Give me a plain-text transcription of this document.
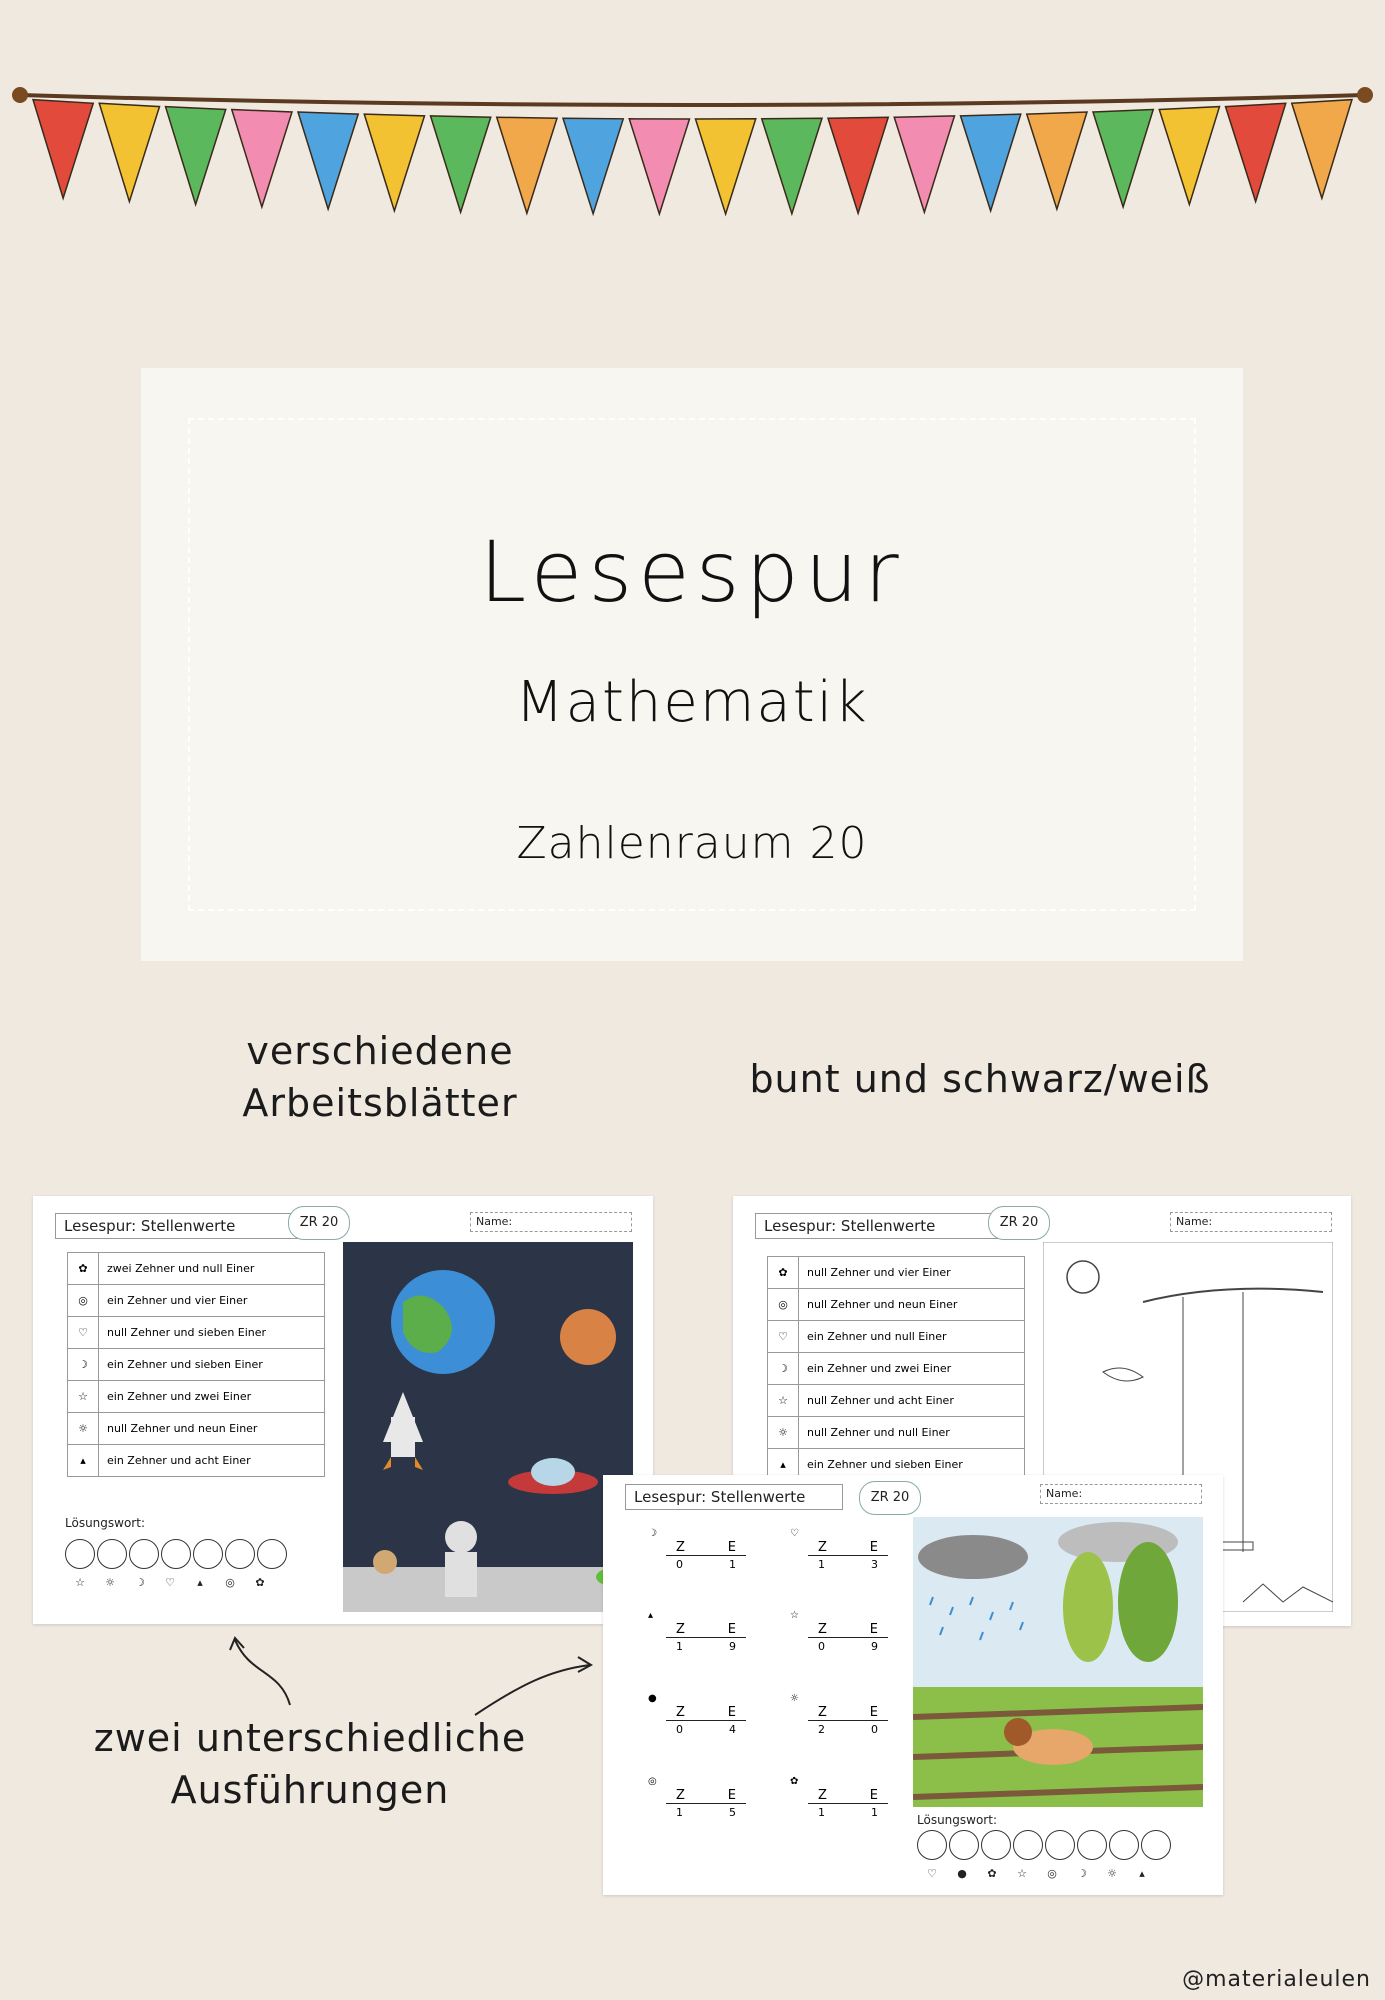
Lesespur
Mathematik
Zahlenraum 20
verschiedene
Arbeitsblätter
bunt und schwarz/weiß
zwei unterschiedliche
Ausführungen
Lesespur: Stellenwerte	ZR 20	Name:
✿	zwei Zehner und null Einer
◎	ein Zehner und vier Einer
♡	null Zehner und sieben Einer
☽	ein Zehner und sieben Einer
☆	ein Zehner und zwei Einer
☼	null Zehner und neun Einer
▴	ein Zehner und acht Einer
Lösungswort:
☆	☼	☽	♡	▴	◎	✿
Lesespur: Stellenwerte	ZR 20	Name:
✿	null Zehner und vier Einer
◎	null Zehner und neun Einer
♡	ein Zehner und null Einer
☽	ein Zehner und zwei Einer
☆	null Zehner und acht Einer
☼	null Zehner und null Einer
▴	ein Zehner und sieben Einer
Lesespur: Stellenwerte	ZR 20	Name:
☽
Z	E
0	1
♡
Z	E
1	3
▴
Z	E
1	9
☆
Z	E
0	9
●
Z	E
0	4
☼
Z	E
2	0
◎
Z	E
1	5
✿
Z	E
1	1
Lösungswort:
♡	●	✿	☆	◎	☽	☼	▴
@materialeulen
